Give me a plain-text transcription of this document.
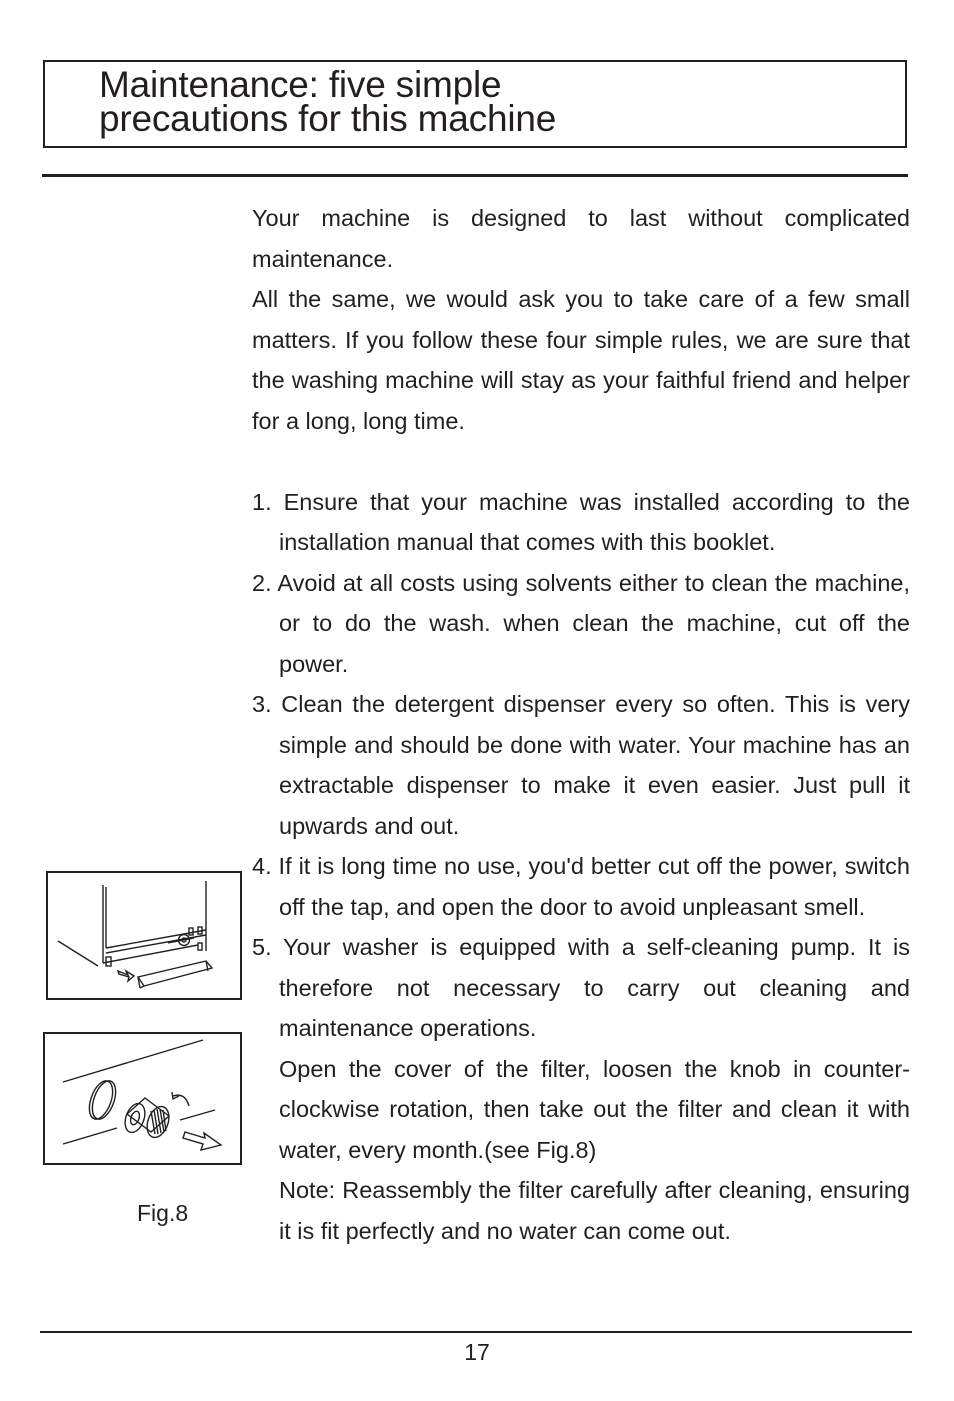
Maintenance: five simple
precautions for this machine

Your machine is designed to last without complicated maintenance.

All the same, we would ask you to take care of a few small matters. If you follow these four simple rules, we are sure that the washing machine will stay as your faithful friend and helper for a long, long time.

1. Ensure that your machine was installed according to the installation manual that comes with this booklet.

2. Avoid at all costs using solvents either to clean the machine, or to do the wash. when clean the machine, cut off the power.

3. Clean the detergent dispenser every so often. This is very simple and should be done with water. Your machine has an extractable dispenser to make it even easier. Just pull it upwards and out.

4. If it is long time no use, you'd better cut off the power, switch off the tap, and open the door to avoid unpleasant smell.

5. Your washer is equipped with a self-cleaning pump. It is therefore not necessary to carry out cleaning and maintenance operations.

Open the cover of the filter, loosen the knob in counter-clockwise rotation, then take out the filter and clean it with water, every month.(see Fig.8)

Note: Reassembly the filter carefully after cleaning, ensuring it is fit perfectly and no water can come out.

Fig.8
17
